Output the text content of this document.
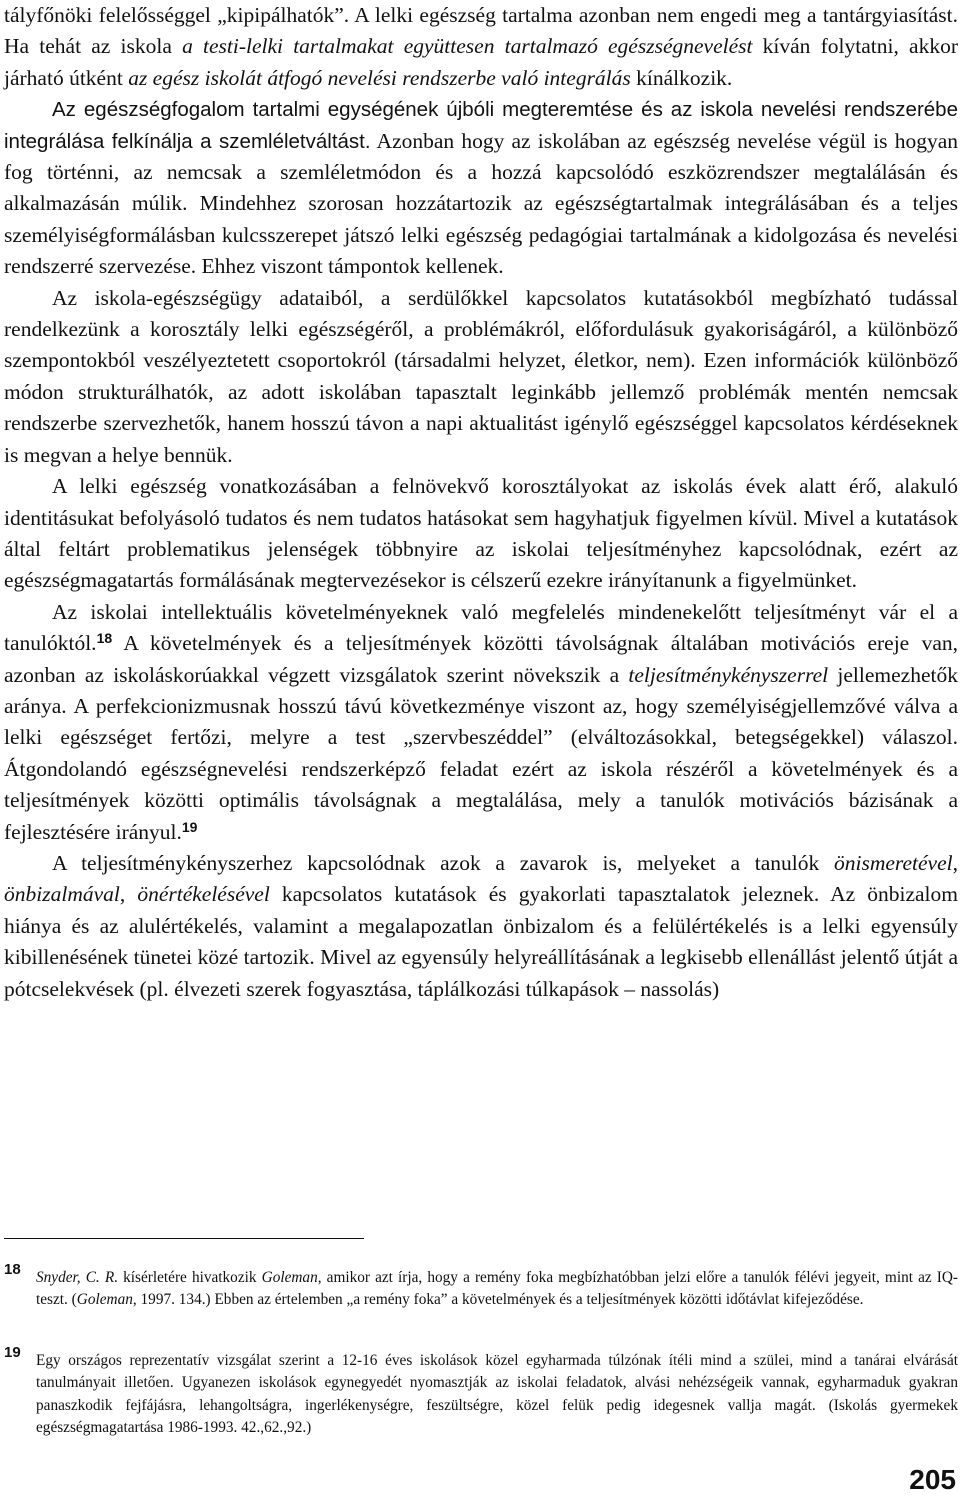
tályfőnöki felelősséggel „kipipálhatók”. A lelki egészség tartalma azonban nem engedi meg a tantárgyiasítást. Ha tehát az iskola a testi-lelki tartalmakat együttesen tartalmazó egészségnevelést kíván folytatni, akkor járható útként az egész iskolát átfogó nevelési rendszerbe való integrálás kínálkozik.

Az egészségfogalom tartalmi egységének újbóli megteremtése és az iskola nevelési rendszerébe integrálása felkínálja a szemléletváltást. Azonban hogy az iskolában az egészség nevelése végül is hogyan fog történni, az nemcsak a szemléletmódon és a hozzá kapcsolódó eszközrendszer megtalálásán és alkalmazásán múlik. Mindehhez szorosan hozzátartozik az egészségtartalmak integrálásában és a teljes személyiségformálásban kulcsszerepet játszó lelki egészség pedagógiai tartalmának a kidolgozása és nevelési rendszerré szervezése. Ehhez viszont támpontok kellenek.

Az iskola-egészségügy adataiból, a serdülőkkel kapcsolatos kutatásokból megbízható tudással rendelkezünk a korosztály lelki egészségéről, a problémákról, előfordulásuk gyakoriságáról, a különböző szempontokból veszélyeztetett csoportokról (társadalmi helyzet, életkor, nem). Ezen információk különböző módon strukturálhatók, az adott iskolában tapasztalt leginkább jellemző problémák mentén nemcsak rendszerbe szervezhetők, hanem hosszú távon a napi aktualitást igénylő egészséggel kapcsolatos kérdéseknek is megvan a helye bennük.

A lelki egészség vonatkozásában a felnövekvő korosztályokat az iskolás évek alatt érő, alakuló identitásukat befolyásoló tudatos és nem tudatos hatásokat sem hagyhatjuk figyelmen kívül. Mivel a kutatások által feltárt problematikus jelenségek többnyire az iskolai teljesítményhez kapcsolódnak, ezért az egészségmagatartás formálásának megtervezésekor is célszerű ezekre irányítanunk a figyelmünket.

Az iskolai intellektuális követelményeknek való megfelelés mindenekelőtt teljesítményt vár el a tanulóktól.$^{18}$ A követelmények és a teljesítmények közötti távolságnak általában motivációs ereje van, azonban az iskoláskorúakkal végzett vizsgálatok szerint növekszik a teljesítménykényszerrel jellemezhetők aránya. A perfekcionizmusnak hosszú távú következménye viszont az, hogy személyiségjellemzővé válva a lelki egészséget fertőzi, melyre a test „szervbeszéddel” (elváltozásokkal, betegségekkel) válaszol. Átgondolandó egészségnevelési rendszerképző feladat ezért az iskola részéről a követelmények és a teljesítmények közötti optimális távolságnak a megtalálása, mely a tanulók motivációs bázisának a fejlesztésére irányul.$^{19}$

A teljesítménykényszerhez kapcsolódnak azok a zavarok is, melyeket a tanulók önismeretével, önbizalmával, önértékelésével kapcsolatos kutatások és gyakorlati tapasztalatok jeleznek. Az önbizalom hiánya és az alulértékelés, valamint a megalapozatlan önbizalom és a felülértékelés is a lelki egyensúly kibillenésének tünetei közé tartozik. Mivel az egyensúly helyreállításának a legkisebb ellenállást jelentő útját a pótcselekvések (pl. élvezeti szerek fogyasztása, táplálkozási túlkapások – nassolás)

18 Snyder, C. R. kísérletére hivatkozik Goleman, amikor azt írja, hogy a remény foka megbízhatóbban jelzi előre a tanulók félévi jegyeit, mint az IQ-teszt. (Goleman, 1997. 134.) Ebben az értelemben „a remény foka” a követelmények és a teljesítmények közötti időtávlat kifejeződése.
19 Egy országos reprezentatív vizsgálat szerint a 12-16 éves iskolások közel egyharmada túlzónak ítéli mind a szülei, mind a tanárai elvárását tanulmányait illetően. Ugyanezen iskolások egynegyedét nyomasztják az iskolai feladatok, alvási nehézségeik vannak, egyharmaduk gyakran panaszkodik fejfájásra, lehangoltságra, ingerlékenységre, feszültségre, közel felük pedig idegesnek vallja magát. (Iskolás gyermekek egészségmagatartása 1986-1993. 42.,62.,92.)
205
